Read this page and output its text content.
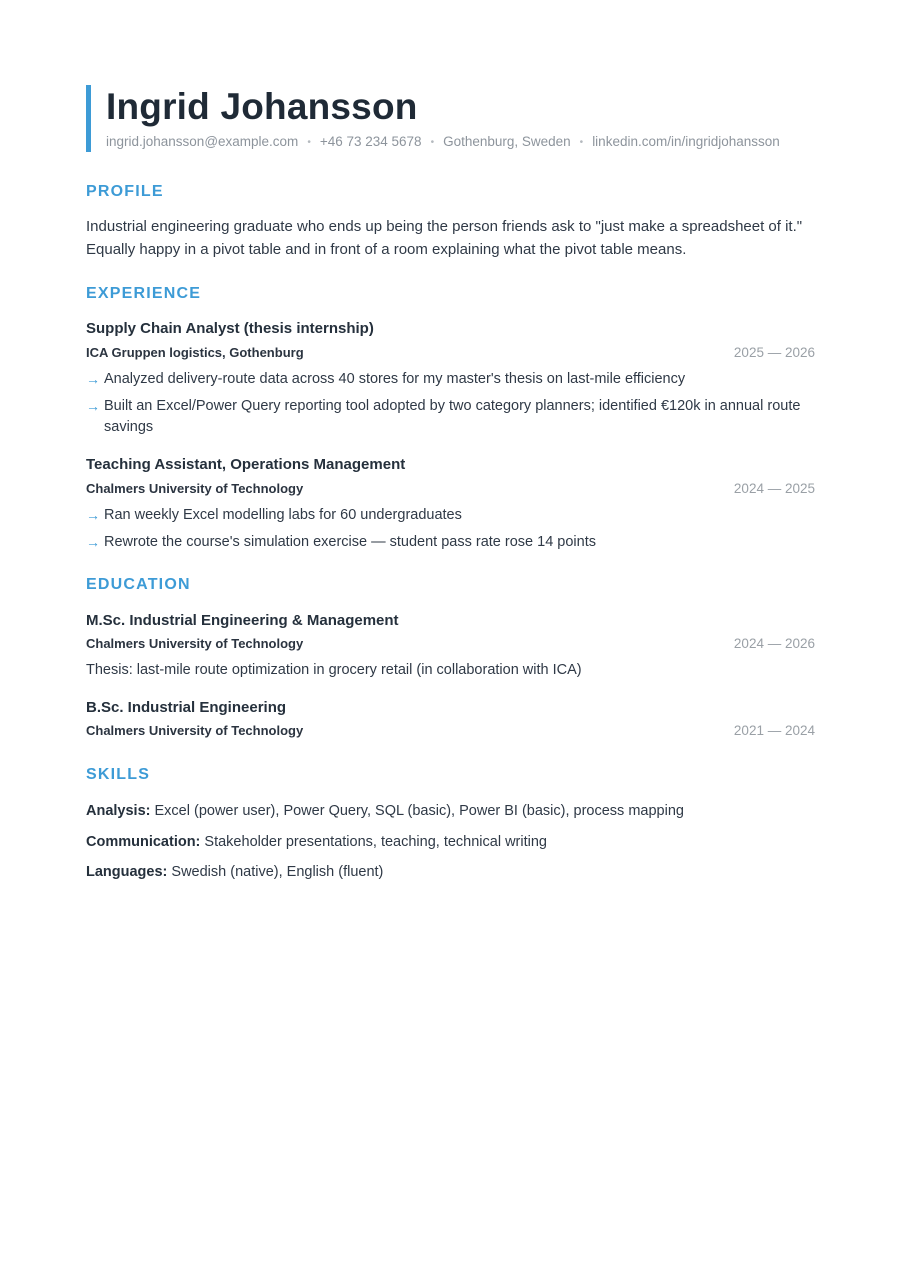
Ingrid Johansson
ingrid.johansson@example.com • +46 73 234 5678 • Gothenburg, Sweden • linkedin.com/in/ingridjohansson
PROFILE
Industrial engineering graduate who ends up being the person friends ask to "just make a spreadsheet of it." Equally happy in a pivot table and in front of a room explaining what the pivot table means.
EXPERIENCE
Supply Chain Analyst (thesis internship)
ICA Gruppen logistics, Gothenburg	2025 — 2026
→ Analyzed delivery-route data across 40 stores for my master's thesis on last-mile efficiency
→ Built an Excel/Power Query reporting tool adopted by two category planners; identified €120k in annual route savings
Teaching Assistant, Operations Management
Chalmers University of Technology	2024 — 2025
→ Ran weekly Excel modelling labs for 60 undergraduates
→ Rewrote the course's simulation exercise — student pass rate rose 14 points
EDUCATION
M.Sc. Industrial Engineering & Management
Chalmers University of Technology	2024 — 2026
Thesis: last-mile route optimization in grocery retail (in collaboration with ICA)
B.Sc. Industrial Engineering
Chalmers University of Technology	2021 — 2024
SKILLS
Analysis: Excel (power user), Power Query, SQL (basic), Power BI (basic), process mapping
Communication: Stakeholder presentations, teaching, technical writing
Languages: Swedish (native), English (fluent)
